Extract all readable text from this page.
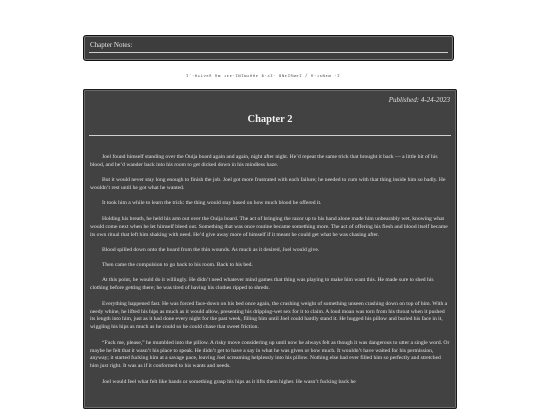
Chapter Notes:
ɪˑ·ʜᴀʟᴠᴇʀ ʀᴍ ᴊᴇᴇ·ɪɴɪᴍᴀʜʜᴇ ʙ·ᴀɪ· ʙɴᴇɪʀᴍᴇɪ / ʀ·ᴊᴋɴᴇᴍ ·ɪ
Published: 4-24-2023
Chapter 2

Joel found himself standing over the Ouija board again and again, night after night. He’d repeat the same trick that brought it back — a little bit of his blood, and he’d wander back into his room to get dicked down in his mindless haze.

But it would never stay long enough to finish the job. Joel got more frustrated with each failure; he needed to cum with that thing inside him so badly. He wouldn’t rest until he got what he wanted.

It took him a while to learn the trick: the thing would stay based on how much blood he offered it.

Holding his breath, he held his arm out over the Ouija board. The act of bringing the razor up to his hand alone made him unbearably wet, knowing what would come next when he let himself bleed out. Something that was once routine became something more. The act of offering his flesh and blood itself became its own ritual that left him shaking with need. He’d give away more of himself if it meant he could get what he was chasing after.

Blood spilled down onto the board from the thin wounds. As much as it desired, Joel would give.

Then came the compulsion to go back to his room. Back to his bed.

At this point, he would do it willingly. He didn’t need whatever mind games that thing was playing to make him want this. He made sure to shed his clothing before getting there; he was tired of having his clothes ripped to shreds.

Everything happened fast. He was forced face-down on his bed once again, the crushing weight of something unseen crashing down on top of him. With a needy whine, he lifted his hips as much as it would allow, presenting his dripping-wet sex for it to claim. A loud moan was torn from his throat when it pushed its length into him, just as it had done every night for the past week, filling him until Joel could hardly stand it. He hugged his pillow and buried his face in it, wiggling his hips as much as he could so he could chase that sweet friction.

“Fuck me, please,” he mumbled into the pillow. A risky move considering up until now he always felt as though it was dangerous to utter a single word. Or maybe he felt that it wasn’t his place to speak. He didn’t get to have a say in what he was given or how much. It wouldn’t have waited for his permission, anyway; it started fucking him at a savage pace, leaving Joel screaming helplessly into his pillow. Nothing else had ever filled him so perfectly and stretched him just right. It was as if it conformed to his wants and needs.

Joel would feel what felt like hands or something grasp his hips as it lifts them higher. He wasn’t fucking back he
